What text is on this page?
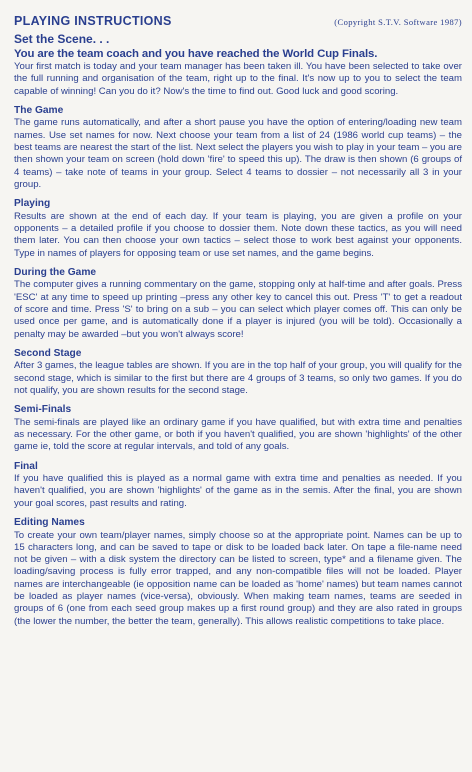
PLAYING INSTRUCTIONS	(Copyright S.T.V. Software 1987)
Set the Scene. . .
You are the team coach and you have reached the World Cup Finals.

Your first match is today and your team manager has been taken ill. You have been selected to take over the full running and organisation of the team, right up to the final. It's now up to you to select the team capable of winning! Can you do it? Now's the time to find out. Good luck and good scoring.

The Game

The game runs automatically, and after a short pause you have the option of entering/loading new team names. Use set names for now. Next choose your team from a list of 24 (1986 world cup teams) – the best teams are nearest the start of the list. Next select the players you wish to play in your team – you are then shown your team on screen (hold down 'fire' to speed this up). The draw is then shown (6 groups of 4 teams) – take note of teams in your group. Select 4 teams to dossier – not necessarily all 3 in your group.

Playing

Results are shown at the end of each day. If your team is playing, you are given a profile on your opponents – a detailed profile if you choose to dossier them. Note down these tactics, as you will need them later. You can then choose your own tactics – select those to work best against your opponents. Type in names of players for opposing team or use set names, and the game begins.

During the Game

The computer gives a running commentary on the game, stopping only at half-time and after goals. Press 'ESC' at any time to speed up printing –press any other key to cancel this out. Press 'T' to get a readout of score and time. Press 'S' to bring on a sub – you can select which player comes off. This can only be used once per game, and is automatically done if a player is injured (you will be told). Occasionally a penalty may be awarded –but you won't always score!

Second Stage

After 3 games, the league tables are shown. If you are in the top half of your group, you will qualify for the second stage, which is similar to the first but there are 4 groups of 3 teams, so only two games. If you do not qualify, you are shown results for the second stage.

Semi-Finals

The semi-finals are played like an ordinary game if you have qualified, but with extra time and penalties as necessary. For the other game, or both if you haven't qualified, you are shown 'highlights' of the other game ie, told the score at regular intervals, and told of any goals.

Final

If you have qualified this is played as a normal game with extra time and penalties as needed. If you haven't qualified, you are shown 'highlights' of the game as in the semis. After the final, you are shown your goal scores, past results and rating.

Editing Names

To create your own team/player names, simply choose so at the appropriate point. Names can be up to 15 characters long, and can be saved to tape or disk to be loaded back later. On tape a file-name need not be given – with a disk system the directory can be listed to screen, type* and a filename given. The loading/saving process is fully error trapped, and any non-compatible files will not be loaded. Player names are interchangeable (ie opposition name can be loaded as 'home' names) but team names cannot be loaded as player names (vice-versa), obviously. When making team names, teams are seeded in groups of 6 (one from each seed group makes up a first round group) and they are also rated in groups (the lower the number, the better the team, generally). This allows realistic competitions to take place.
